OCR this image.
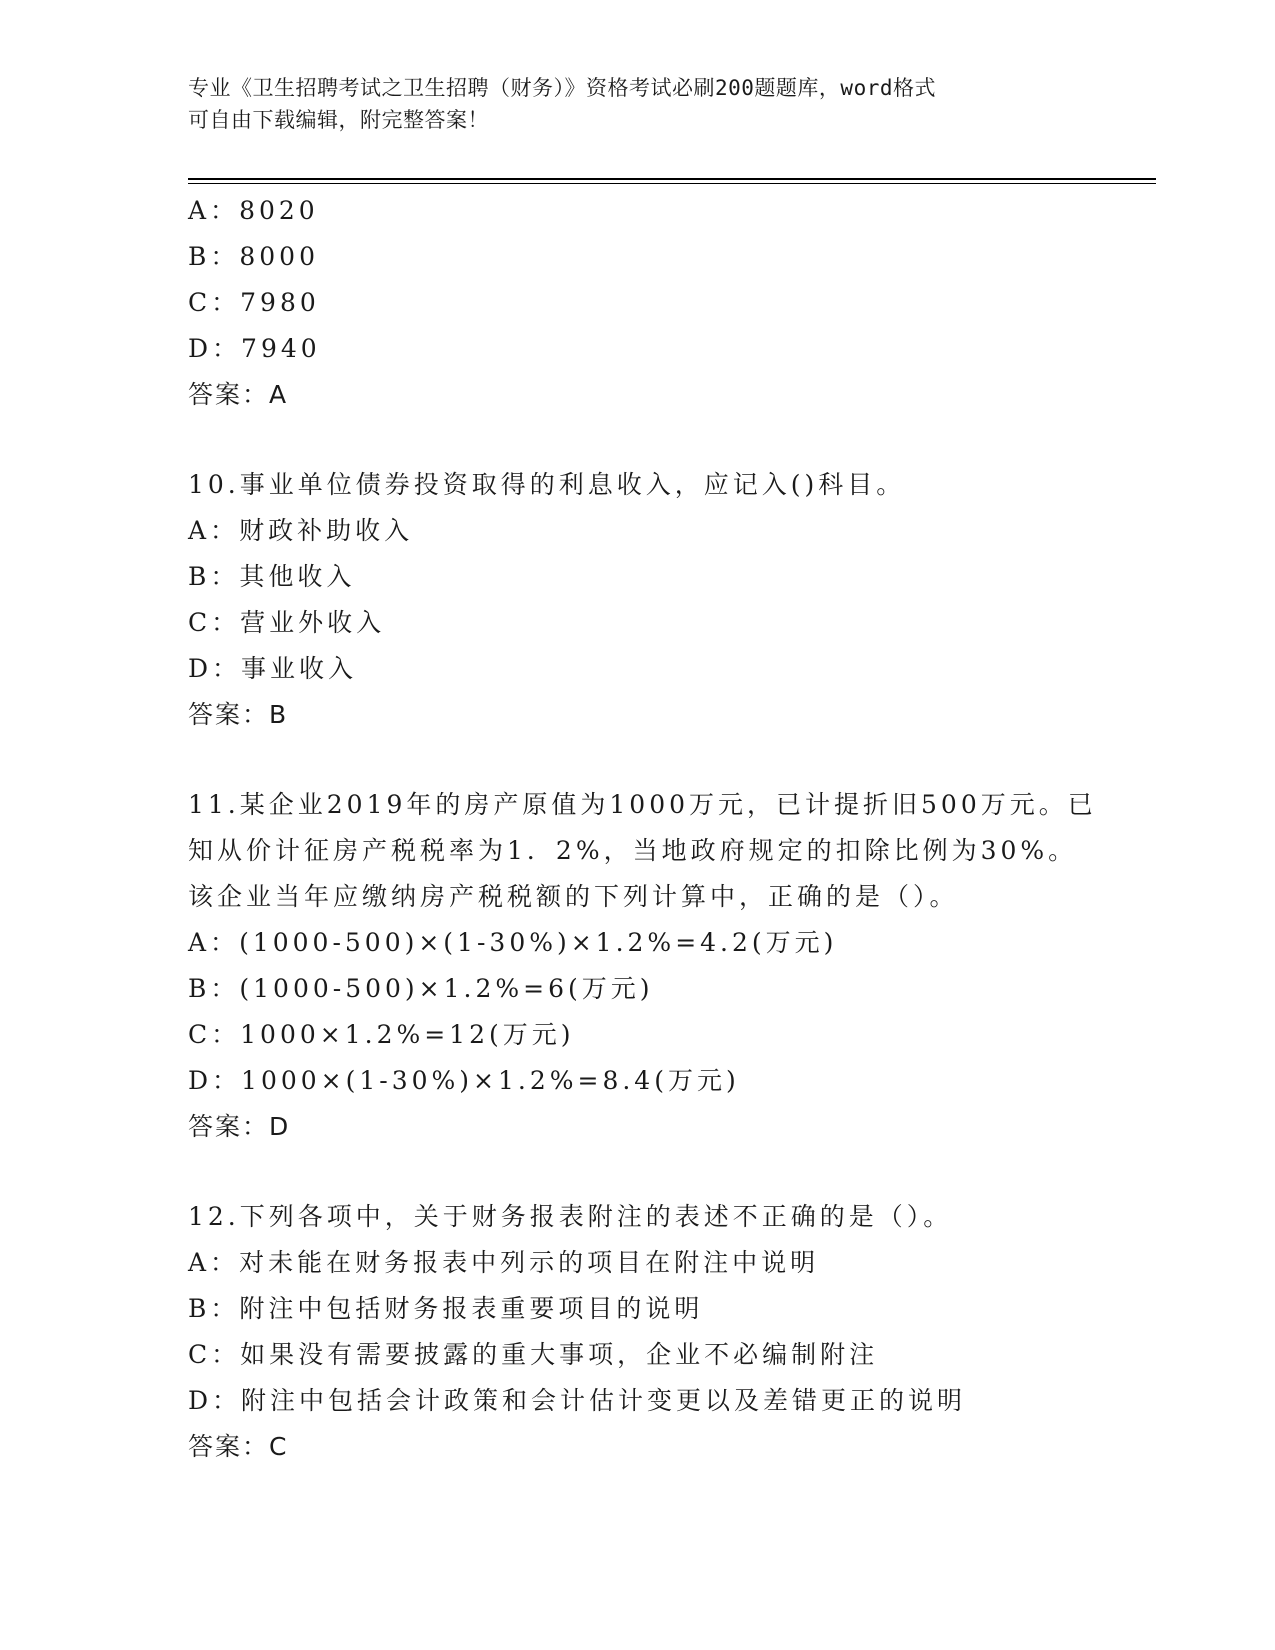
专业《卫生招聘考试之卫生招聘（财务）》资格考试必刷200题题库，word格式
可自由下载编辑，附完整答案！
A：8020
B：8000
C：7980
D：7940
答案：A
10.事业单位债券投资取得的利息收入，应记入()科目。
A：财政补助收入
B：其他收入
C：营业外收入
D：事业收入
答案：B
11.某企业2019年的房产原值为1000万元，已计提折旧500万元。已
知从价计征房产税税率为1．2%，当地政府规定的扣除比例为30%。
该企业当年应缴纳房产税税额的下列计算中，正确的是（）。
A：(1000-500)×(1-30%)×1.2%=4.2(万元)
B：(1000-500)×1.2%=6(万元)
C：1000×1.2%=12(万元)
D：1000×(1-30%)×1.2%=8.4(万元)
答案：D
12.下列各项中，关于财务报表附注的表述不正确的是（）。
A：对未能在财务报表中列示的项目在附注中说明
B：附注中包括财务报表重要项目的说明
C：如果没有需要披露的重大事项，企业不必编制附注
D：附注中包括会计政策和会计估计变更以及差错更正的说明
答案：C
